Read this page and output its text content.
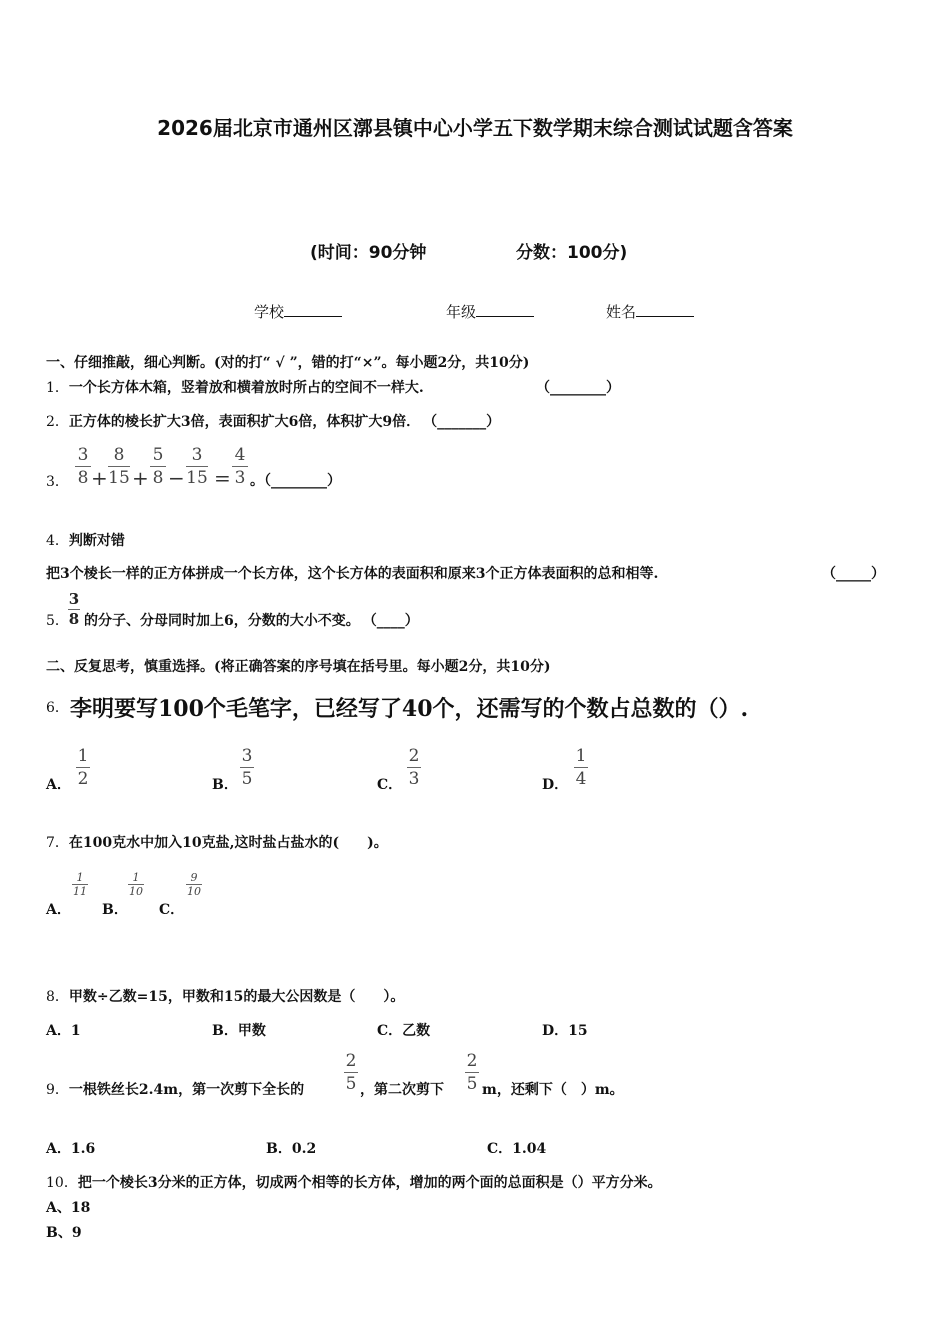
2026届北京市通州区漷县镇中心小学五下数学期末综合测试试题含答案
(时间：90分钟	分数：100分)
学校	年级	姓名
一、仔细推敲，细心判断。(对的打“ √ ”，错的打“×”。每小题2分，共10分)
1．一个长方体木箱，竖着放和横着放时所占的空间不一样大.	（________）
2．正方体的棱长扩大3倍，表面积扩大6倍，体积扩大9倍． （_______）
3．
3
8 +
8
15 +
5
8 −
3
15 =
4
3 。（________）
4．判断对错
把3个棱长一样的正方体拼成一个长方体，这个长方体的表面积和原来3个正方体表面积的总和相等.	（_____）
5．
3
8 的分子、分母同时加上6，分数的大小不变。 （____）
二、反复思考，慎重选择。(将正确答案的序号填在括号里。每小题2分，共10分)
6． 李明要写100个毛笔字，已经写了40个，还需写的个数占总数的（）.
A．
1
2	B．
3
5	C．
2
3	D．
1
4
7．在100克水中加入10克盐,这时盐占盐水的(　　)。
A．
1
11
B．
1
10
C．
9
10
8．甲数÷乙数=15，甲数和15的最大公因数是（　　）。
A．1	B．甲数	C．乙数	D．15
9．一根铁丝长2.4m，第一次剪下全长的
2
5 ，第二次剪下
2
5 m，还剩下（　）m。
A．1.6	B．0.2	C．1.04
10．把一个棱长3分米的正方体，切成两个相等的长方体，增加的两个面的总面积是（）平方分米。
A、18
B、9
